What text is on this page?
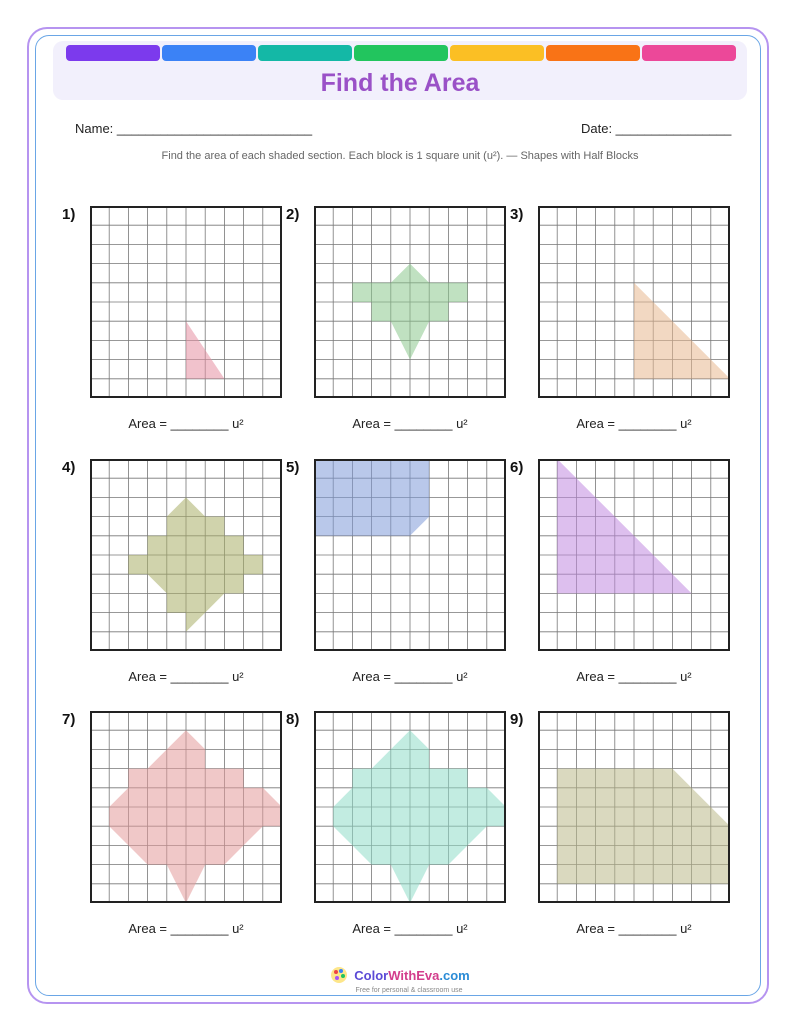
Find the Area
Name: ___________________________	Date: ________________
Find the area of each shaded section. Each block is 1 square unit (u²). — Shapes with Half Blocks
1)
Area = ________ u²
2)
Area = ________ u²
3)
Area = ________ u²
4)
Area = ________ u²
5)
Area = ________ u²
6)
Area = ________ u²
7)
Area = ________ u²
8)
Area = ________ u²
9)
Area = ________ u²
ColorWithEva.com
Free for personal & classroom use
